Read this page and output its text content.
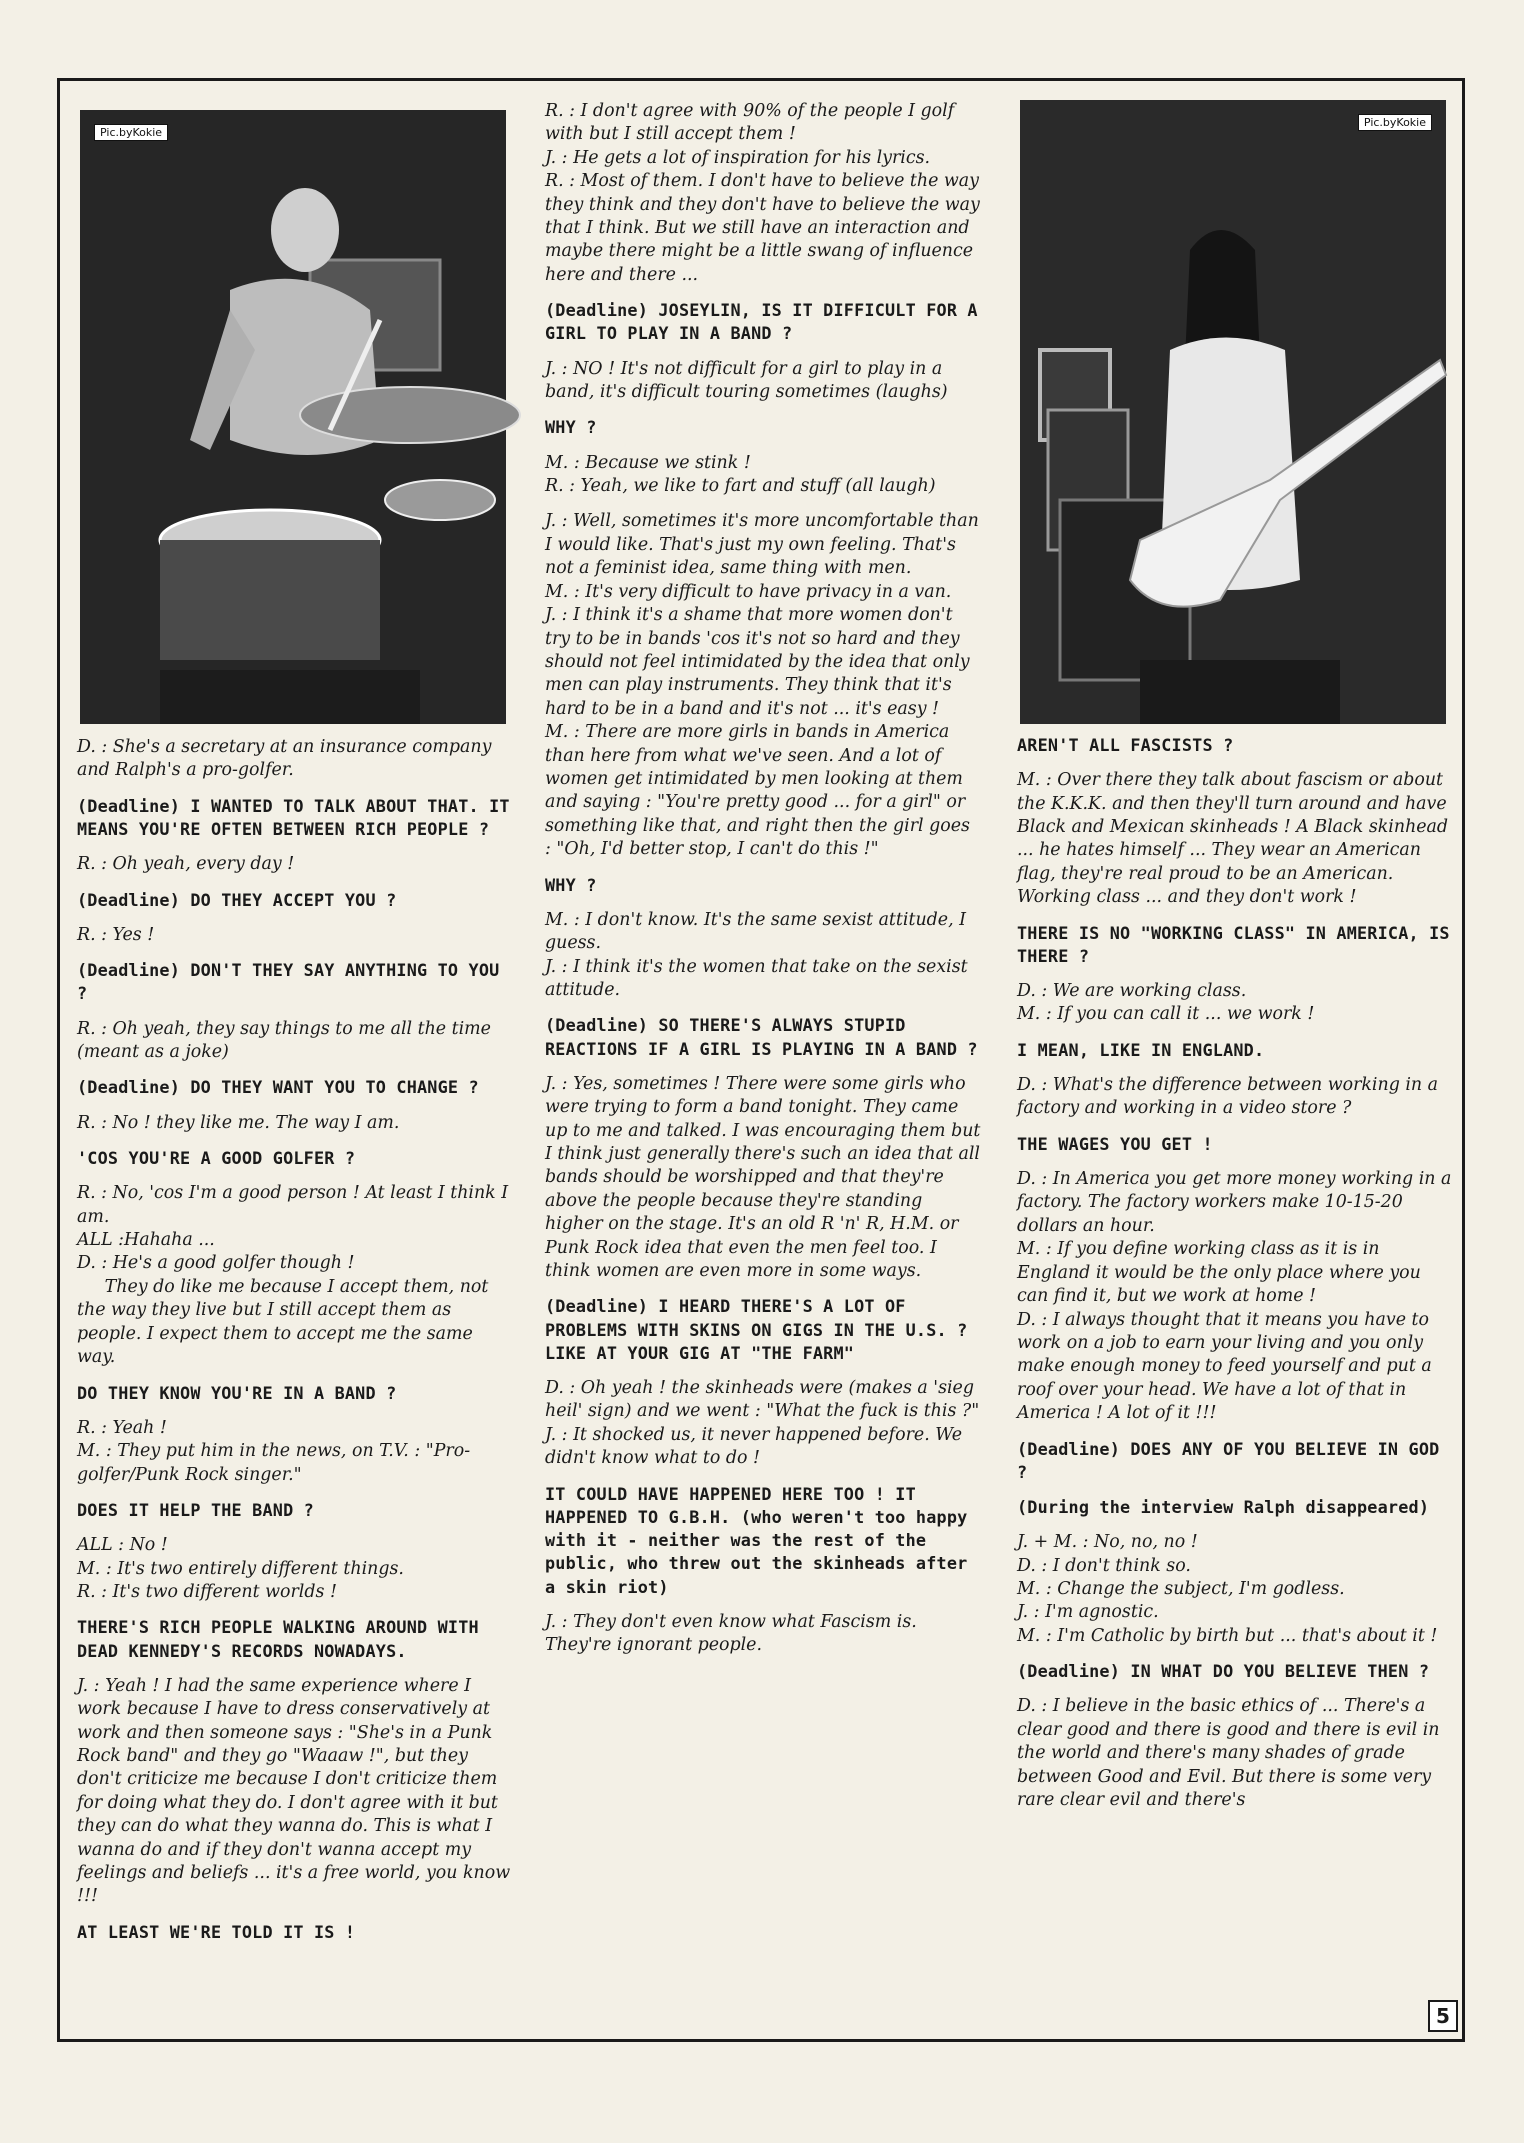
Pic.byKokie
Pic.byKokie

D. : She's a secretary at an insurance company and Ralph's a pro-golfer.

(Deadline) I WANTED TO TALK ABOUT THAT. IT MEANS YOU'RE OFTEN BETWEEN RICH PEOPLE ?

R. : Oh yeah, every day !

(Deadline) DO THEY ACCEPT YOU ?

R. : Yes !

(Deadline) DON'T THEY SAY ANYTHING TO YOU ?

R. : Oh yeah, they say things to me all the time (meant as a joke)

(Deadline) DO THEY WANT YOU TO CHANGE ?

R. : No ! they like me. The way I am.

'COS YOU'RE A GOOD GOLFER ?

R. : No, 'cos I'm a good person ! At least I think I am.
ALL :Hahaha ...
D. : He's a good golfer though !
They do like me because I accept them, not the way they live but I still accept them as people. I expect them to accept me the same way.

DO THEY KNOW YOU'RE IN A BAND ?

R. : Yeah !
M. : They put him in the news, on T.V. : "Pro-golfer/Punk Rock singer."

DOES IT HELP THE BAND ?

ALL : No !
M. : It's two entirely different things.
R. : It's two different worlds !

THERE'S RICH PEOPLE WALKING AROUND WITH DEAD KENNEDY'S RECORDS NOWADAYS.

J. : Yeah ! I had the same experience where I work because I have to dress conservatively at work and then someone says : "She's in a Punk Rock band" and they go "Waaaw !", but they don't criticize me because I don't criticize them for doing what they do. I don't agree with it but they can do what they wanna do. This is what I wanna do and if they don't wanna accept my feelings and beliefs ... it's a free world, you know !!!

AT LEAST WE'RE TOLD IT IS !

R. : I don't agree with 90% of the people I golf with but I still accept them !
J. : He gets a lot of inspiration for his lyrics.
R. : Most of them. I don't have to believe the way they think and they don't have to believe the way that I think. But we still have an interaction and maybe there might be a little swang of influence here and there ...

(Deadline) JOSEYLIN, IS IT DIFFICULT FOR A GIRL TO PLAY IN A BAND ?

J. : NO ! It's not difficult for a girl to play in a band, it's difficult touring sometimes (laughs)

WHY ?

M. : Because we stink !
R. : Yeah, we like to fart and stuff (all laugh)

J. : Well, sometimes it's more uncomfortable than I would like. That's just my own feeling. That's not a feminist idea, same thing with men.
M. : It's very difficult to have privacy in a van.
J. : I think it's a shame that more women don't try to be in bands 'cos it's not so hard and they should not feel intimidated by the idea that only men can play instruments. They think that it's hard to be in a band and it's not ... it's easy !
M. : There are more girls in bands in America than here from what we've seen. And a lot of women get intimidated by men looking at them and saying : "You're pretty good ... for a girl" or something like that, and right then the girl goes : "Oh, I'd better stop, I can't do this !"

WHY ?

M. : I don't know. It's the same sexist attitude, I guess.
J. : I think it's the women that take on the sexist attitude.

(Deadline) SO THERE'S ALWAYS STUPID REACTIONS IF A GIRL IS PLAYING IN A BAND ?

J. : Yes, sometimes ! There were some girls who were trying to form a band tonight. They came up to me and talked. I was encouraging them but I think just generally there's such an idea that all bands should be worshipped and that they're above the people because they're standing higher on the stage. It's an old R 'n' R, H.M. or Punk Rock idea that even the men feel too. I think women are even more in some ways.

(Deadline) I HEARD THERE'S A LOT OF PROBLEMS WITH SKINS ON GIGS IN THE U.S. ? LIKE AT YOUR GIG AT "THE FARM"

D. : Oh yeah ! the skinheads were (makes a 'sieg heil' sign) and we went : "What the fuck is this ?"
J. : It shocked us, it never happened before. We didn't know what to do !

IT COULD HAVE HAPPENED HERE TOO ! IT HAPPENED TO G.B.H. (who weren't too happy with it - neither was the rest of the public, who threw out the skinheads after a skin riot)

J. : They don't even know what Fascism is. They're ignorant people.

AREN'T ALL FASCISTS ?

M. : Over there they talk about fascism or about the K.K.K. and then they'll turn around and have Black and Mexican skinheads ! A Black skinhead ... he hates himself ... They wear an American flag, they're real proud to be an American. Working class ... and they don't work !

THERE IS NO "WORKING CLASS" IN AMERICA, IS THERE ?

D. : We are working class.
M. : If you can call it ... we work !

I MEAN, LIKE IN ENGLAND.

D. : What's the difference between working in a factory and working in a video store ?

THE WAGES YOU GET !

D. : In America you get more money working in a factory. The factory workers make 10-15-20 dollars an hour.
M. : If you define working class as it is in England it would be the only place where you can find it, but we work at home !
D. : I always thought that it means you have to work on a job to earn your living and you only make enough money to feed yourself and put a roof over your head. We have a lot of that in America ! A lot of it !!!

(Deadline) DOES ANY OF YOU BELIEVE IN GOD ?

(During the interview Ralph disappeared)

J. + M. : No, no, no !
D. : I don't think so.
M. : Change the subject, I'm godless.
J. : I'm agnostic.
M. : I'm Catholic by birth but ... that's about it !

(Deadline) IN WHAT DO YOU BELIEVE THEN ?

D. : I believe in the basic ethics of ... There's a clear good and there is good and there is evil in the world and there's many shades of grade between Good and Evil. But there is some very rare clear evil and there's

5
